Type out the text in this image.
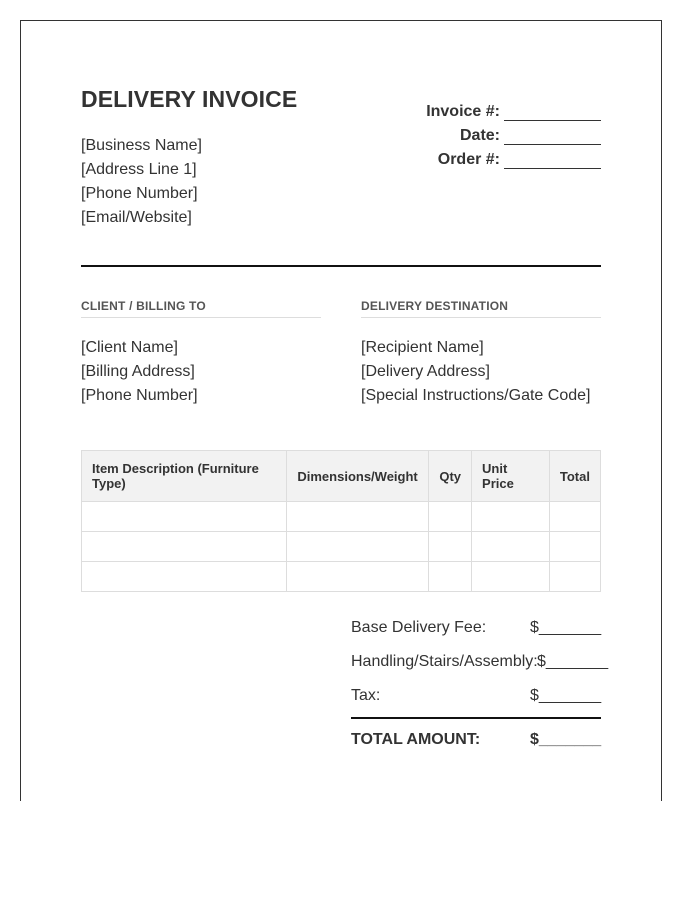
DELIVERY INVOICE
[Business Name]
[Address Line 1]
[Phone Number]
[Email/Website]
Invoice #:
Date:
Order #:
CLIENT / BILLING TO
[Client Name]
[Billing Address]
[Phone Number]
DELIVERY DESTINATION
[Recipient Name]
[Delivery Address]
[Special Instructions/Gate Code]
Item Description (Furniture Type)	Dimensions/Weight	Qty	Unit Price	Total

Base Delivery Fee:	$_______
Handling/Stairs/Assembly: $_______
Tax:	$_______
TOTAL AMOUNT:	$_______
